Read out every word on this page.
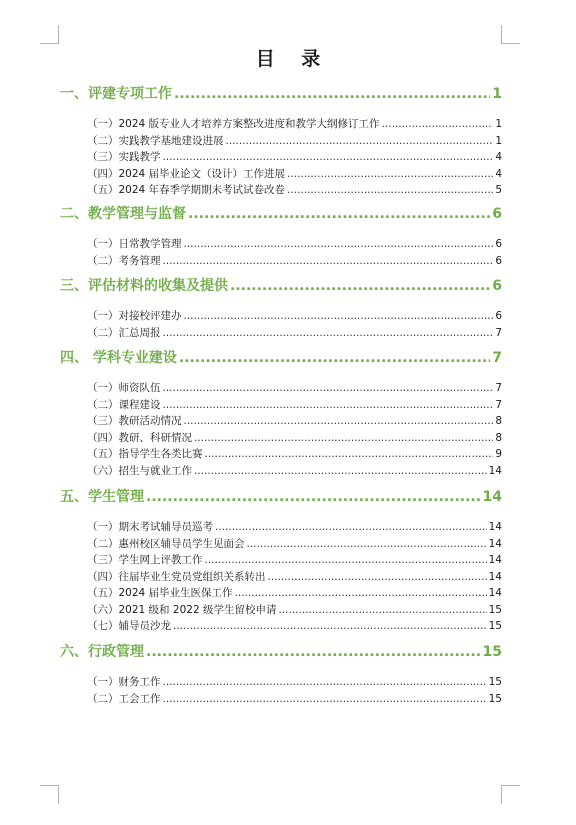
目 录
一、评建专项工作 .....	1
（一）2024 版专业人才培养方案整改进度和教学大纲修订工作 .....	1
（二）实践教学基地建设进展 .....	1
（三）实践教学 .....	4
（四）2024 届毕业论文（设计）工作进展 .....	4
（五）2024 年春季学期期末考试试卷改卷 .....	5
二、教学管理与监督 .....	6
（一）日常教学管理 .....	6
（二）考务管理 .....	6
三、评估材料的收集及提供 .....	6
（一）对接校评建办 .....	6
（二）汇总周报 .....	7
四、 学科专业建设 .....	7
（一）师资队伍 .....	7
（二）课程建设 .....	7
（三）教研活动情况 .....	8
（四）教研、科研情况 .....	8
（五）指导学生各类比赛 .....	9
（六）招生与就业工作 .....	14
五、学生管理 .....	14
（一）期末考试辅导员巡考 .....	14
（二）惠州校区辅导员学生见面会 .....	14
（三）学生网上评教工作 .....	14
（四）往届毕业生党员党组织关系转出 .....	14
（五）2024 届毕业生医保工作 .....	14
（六）2021 级和 2022 级学生留校申请 .....	15
（七）辅导员沙龙 .....	15
六、行政管理 .....	15
（一）财务工作 .....	15
（二）工会工作 .....	15
